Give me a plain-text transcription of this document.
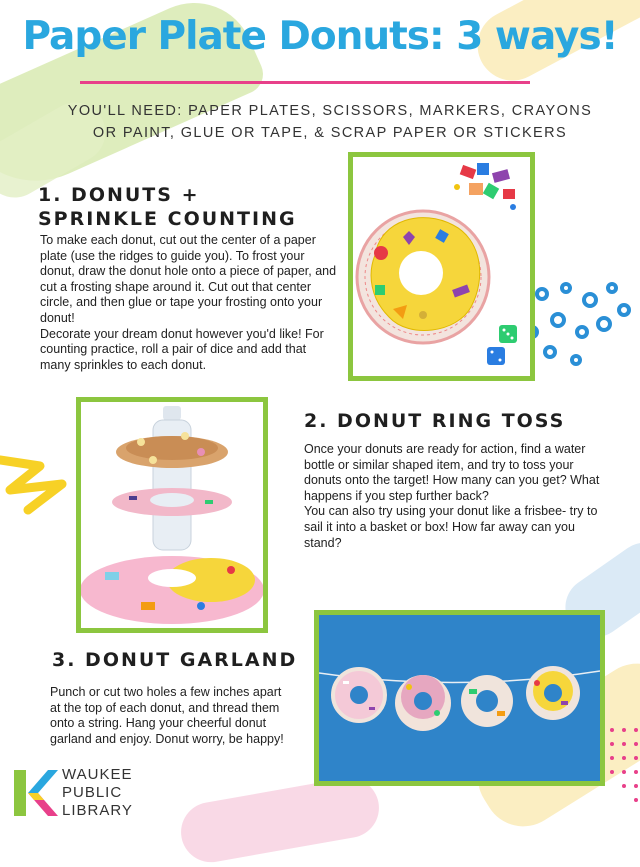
Paper Plate Donuts: 3 ways!
YOU'LL NEED: PAPER PLATES, SCISSORS, MARKERS, CRAYONS OR PAINT, GLUE OR TAPE, & SCRAP PAPER OR STICKERS
1. DONUTS + SPRINKLE COUNTING
To make each donut, cut out the center of a paper plate (use the ridges to guide you). To frost your donut, draw the donut hole onto a piece of paper, and cut a frosting shape around it. Cut out that center circle, and then glue or tape your frosting onto your donut!
Decorate your dream donut however you'd like! For counting practice, roll a pair of dice and add that many sprinkles to each donut.
2. DONUT RING TOSS
Once your donuts are ready for action, find a water bottle or similar shaped item, and try to toss your donuts onto the target! How many can you get? What happens if you step further back?
You can also try using your donut like a frisbee- try to sail it into a basket or box! How far away can you stand?
3. DONUT GARLAND
Punch or cut two holes a few inches apart at the top of each donut, and thread them onto a string. Hang your cheerful donut garland and enjoy. Donut worry, be happy!
WAUKEE
PUBLIC
LIBRARY
